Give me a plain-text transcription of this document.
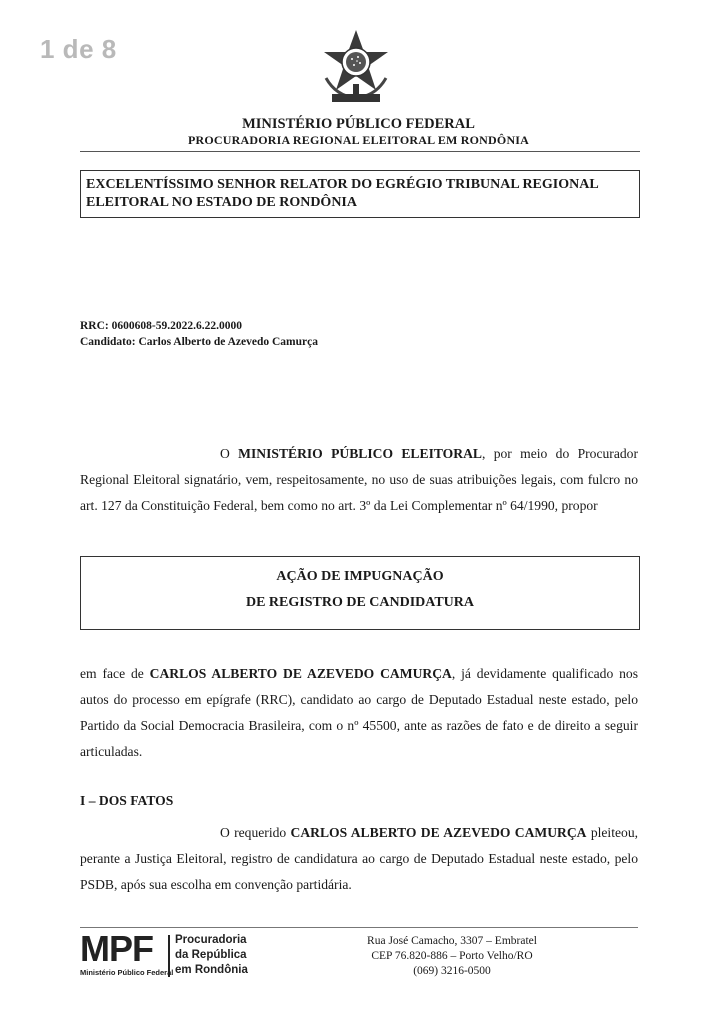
1 de 8
MINISTÉRIO PÚBLICO FEDERAL
PROCURADORIA REGIONAL ELEITORAL EM RONDÔNIA
EXCELENTÍSSIMO SENHOR RELATOR DO EGRÉGIO TRIBUNAL REGIONAL
ELEITORAL NO ESTADO DE RONDÔNIA
RRC: 0600608-59.2022.6.22.0000
Candidato: Carlos Alberto de Azevedo Camurça
O MINISTÉRIO PÚBLICO ELEITORAL, por meio do Procurador Regional Eleitoral signatário, vem, respeitosamente, no uso de suas atribuições legais, com fulcro no art. 127 da Constituição Federal, bem como no art. 3º da Lei Complementar nº 64/1990, propor
AÇÃO DE IMPUGNAÇÃO
DE REGISTRO DE CANDIDATURA
em face de CARLOS ALBERTO DE AZEVEDO CAMURÇA, já devidamente qualificado nos autos do processo em epígrafe (RRC), candidato ao cargo de Deputado Estadual neste estado, pelo Partido da Social Democracia Brasileira, com o nº 45500, ante as razões de fato e de direito a seguir articuladas.
I – DOS FATOS
O requerido CARLOS ALBERTO DE AZEVEDO CAMURÇA pleiteou, perante a Justiça Eleitoral, registro de candidatura ao cargo de Deputado Estadual neste estado, pelo PSDB, após sua escolha em convenção partidária.
MPF
Ministério Público Federal
Procuradoria
da República
em Rondônia
Rua José Camacho, 3307 – Embratel
CEP 76.820-886 – Porto Velho/RO
(069) 3216-0500
